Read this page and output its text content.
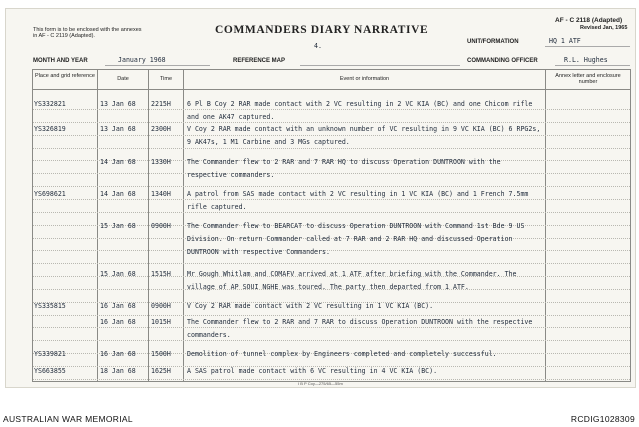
This form is to be enclosed with the annexes in AF - C 2119 (Adapted).	COMMANDERS DIARY NARRATIVE
4.
AF - C 2118 (Adapted)
Revised Jan, 1965
UNIT/FORMATION	HQ 1 ATF
MONTH AND YEAR	January 1968	REFERENCE MAP	COMMANDING OFFICER	R.L. Hughes
Place and grid reference	Date	Time	Event or information	Annex letter and enclosure number
YS332821	13 Jan 68 2215H 6 Pl B Coy 2 RAR made contact with 2 VC resulting in 2 VC KIA (BC) and one Chicom rifle
and one AK47 captured.
YS326819	13 Jan 68 2300H V Coy 2 RAR made contact with an unknown number of VC resulting in 9 VC KIA (BC) 6 RPG2s,
9 AK47s, 1 M1 Carbine and 3 MGs captured.
14 Jan 68 1330H The Commander flew to 2 RAR and 7 RAR HQ to discuss Operation DUNTROON with the
respective commanders.
YS698621	14 Jan 68 1340H A patrol from SAS made contact with 2 VC resulting in 1 VC KIA (BC) and 1 French 7.5mm
rifle captured.
15 Jan 68 0900H The Commander flew to BEARCAT to discuss Operation DUNTROON with Command 1st Bde 9 US
Division. On return Commander called at 7 RAR and 2 RAR HQ and discussed Operation
DUNTROON with respective Commanders.
15 Jan 68 1515H Mr Gough Whitlam and COMAFV arrived at 1 ATF after briefing with the Commander. The
village of AP SOUI NGHE was toured. The party then departed from 1 ATF.
YS335815	16 Jan 68 0900H V Coy 2 RAR made contact with 2 VC resulting in 1 VC KIA (BC).
16 Jan 68 1015H The Commander flew to 2 RAR and 7 RAR to discuss Operation DUNTROON with the respective
commanders.
YS339821	16 Jan 68 1500H Demolition of tunnel complex by Engineers completed and completely successful.
YS663855	18 Jan 68 1625H A SAS patrol made contact with 6 VC resulting in 4 VC KIA (BC).
I B P Coy—275/65—55m
AUSTRALIAN WAR MEMORIAL	RCDIG1028309
